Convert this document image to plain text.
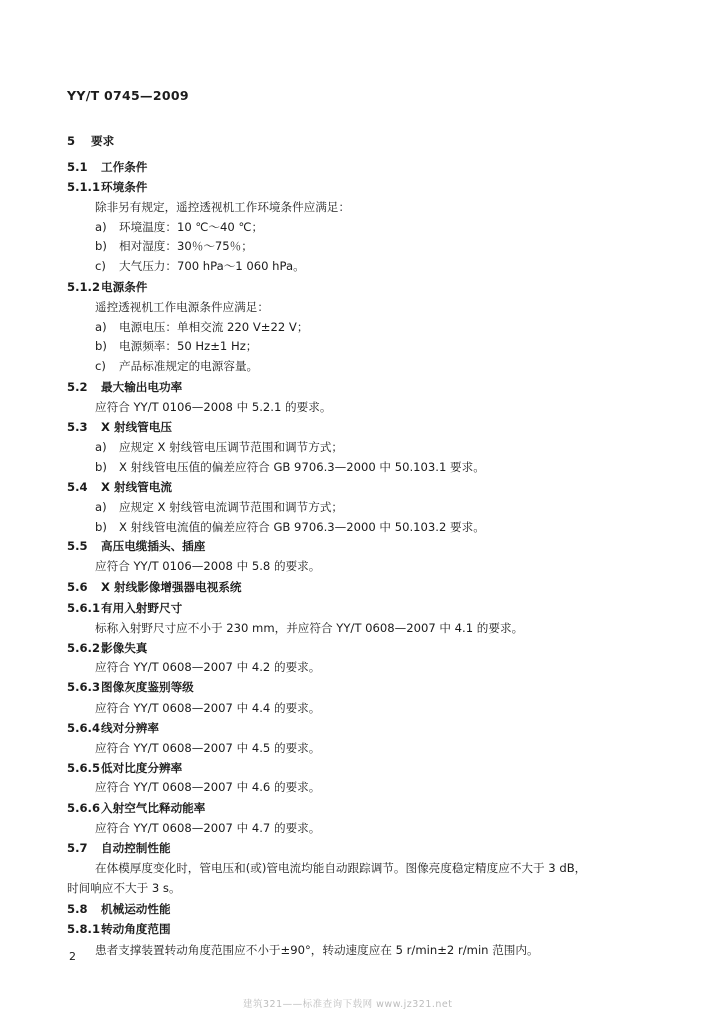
YY/T 0745—2009
5 要求
5.1 工作条件
5.1.1环境条件
除非另有规定，遥控透视机工作环境条件应满足：
a) 环境温度：10 ℃～40 ℃；
b) 相对湿度：30％～75％；
c) 大气压力：700 hPa～1 060 hPa。
5.1.2电源条件
遥控透视机工作电源条件应满足：
a) 电源电压：单相交流 220 V±22 V；
b) 电源频率：50 Hz±1 Hz；
c) 产品标准规定的电源容量。
5.2 最大输出电功率
应符合 YY/T 0106—2008 中 5.2.1 的要求。
5.3 X 射线管电压
a) 应规定 X 射线管电压调节范围和调节方式；
b) X 射线管电压值的偏差应符合 GB 9706.3—2000 中 50.103.1 要求。
5.4 X 射线管电流
a) 应规定 X 射线管电流调节范围和调节方式；
b) X 射线管电流值的偏差应符合 GB 9706.3—2000 中 50.103.2 要求。
5.5 高压电缆插头、插座
应符合 YY/T 0106—2008 中 5.8 的要求。
5.6 X 射线影像增强器电视系统
5.6.1有用入射野尺寸
标称入射野尺寸应不小于 230 mm，并应符合 YY/T 0608—2007 中 4.1 的要求。
5.6.2影像失真
应符合 YY/T 0608—2007 中 4.2 的要求。
5.6.3图像灰度鉴别等级
应符合 YY/T 0608—2007 中 4.4 的要求。
5.6.4线对分辨率
应符合 YY/T 0608—2007 中 4.5 的要求。
5.6.5低对比度分辨率
应符合 YY/T 0608—2007 中 4.6 的要求。
5.6.6入射空气比释动能率
应符合 YY/T 0608—2007 中 4.7 的要求。
5.7 自动控制性能
在体模厚度变化时，管电压和(或)管电流均能自动跟踪调节。图像亮度稳定精度应不大于 3 dB，
时间响应不大于 3 s。
5.8 机械运动性能
5.8.1转动角度范围
患者支撑装置转动角度范围应不小于±90°，转动速度应在 5 r/min±2 r/min 范围内。
2
建筑321——标准查询下载网 www.jz321.net
